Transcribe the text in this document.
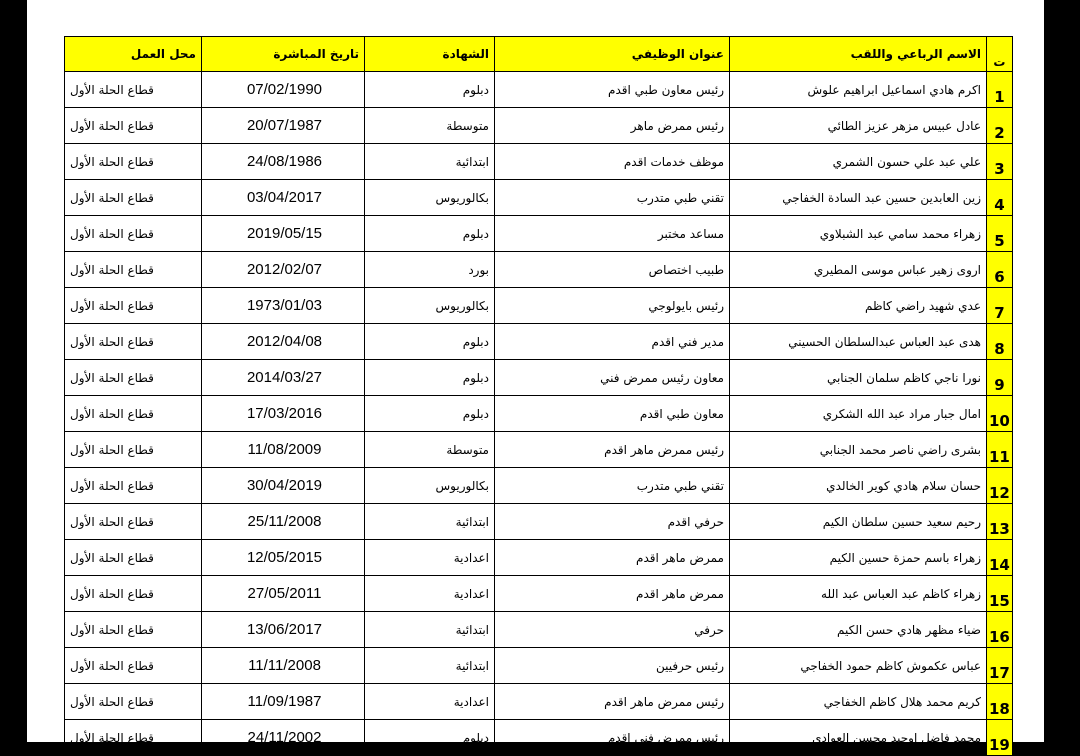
ت	الاسم الرباعي واللقب	عنوان الوظيفي	الشهادة	تاريخ المباشرة	محل العمل
1	اكرم هادي اسماعيل ابراهيم علوش	رئيس معاون طبي اقدم	دبلوم	07/02/1990	قطاع الحلة الأول
2	عادل عبيس مزهر عزيز الطائي	رئيس ممرض ماهر	متوسطة	20/07/1987	قطاع الحلة الأول
3	علي عبد علي حسون الشمري	موظف خدمات اقدم	ابتدائية	24/08/1986	قطاع الحلة الأول
4	زين العابدين حسين عبد السادة الخفاجي	تقني طبي متدرب	بكالوريوس	03/04/2017	قطاع الحلة الأول
5	زهراء محمد سامي عبد الشبلاوي	مساعد مختبر	دبلوم	2019/05/15	قطاع الحلة الأول
6	اروى زهير عباس موسى المطيري	طبيب اختصاص	بورد	2012/02/07	قطاع الحلة الأول
7	عدي شهيد راضي كاظم	رئيس بايولوجي	بكالوريوس	1973/01/03	قطاع الحلة الأول
8	هدى عبد العباس عبدالسلطان الحسيني	مدير فني اقدم	دبلوم	2012/04/08	قطاع الحلة الأول
9	نورا ناجي كاظم سلمان الجنابي	معاون رئيس ممرض فني	دبلوم	2014/03/27	قطاع الحلة الأول
10	امال جبار مراد عبد الله الشكري	معاون طبي اقدم	دبلوم	17/03/2016	قطاع الحلة الأول
11	بشرى راضي ناصر محمد الجنابي	رئيس ممرض ماهر اقدم	متوسطة	11/08/2009	قطاع الحلة الأول
12	حسان سلام هادي كوير الخالدي	تقني طبي متدرب	بكالوريوس	30/04/2019	قطاع الحلة الأول
13	رحيم سعيد حسين سلطان الكيم	حرفي اقدم	ابتدائية	25/11/2008	قطاع الحلة الأول
14	زهراء باسم حمزة حسين الكيم	ممرض ماهر اقدم	اعدادية	12/05/2015	قطاع الحلة الأول
15	زهراء كاظم عبد العباس عبد الله	ممرض ماهر اقدم	اعدادية	27/05/2011	قطاع الحلة الأول
16	ضياء مظهر هادي حسن الكيم	حرفي	ابتدائية	13/06/2017	قطاع الحلة الأول
17	عباس عكموش كاظم حمود الخفاجي	رئيس حرفيين	ابتدائية	11/11/2008	قطاع الحلة الأول
18	كريم محمد هلال كاظم الخفاجي	رئيس ممرض ماهر اقدم	اعدادية	11/09/1987	قطاع الحلة الأول
19	محمد فاضل اوحيد محسن العوادي	رئيس ممرض فني اقدم	دبلوم	24/11/2002	قطاع الحلة الأول
